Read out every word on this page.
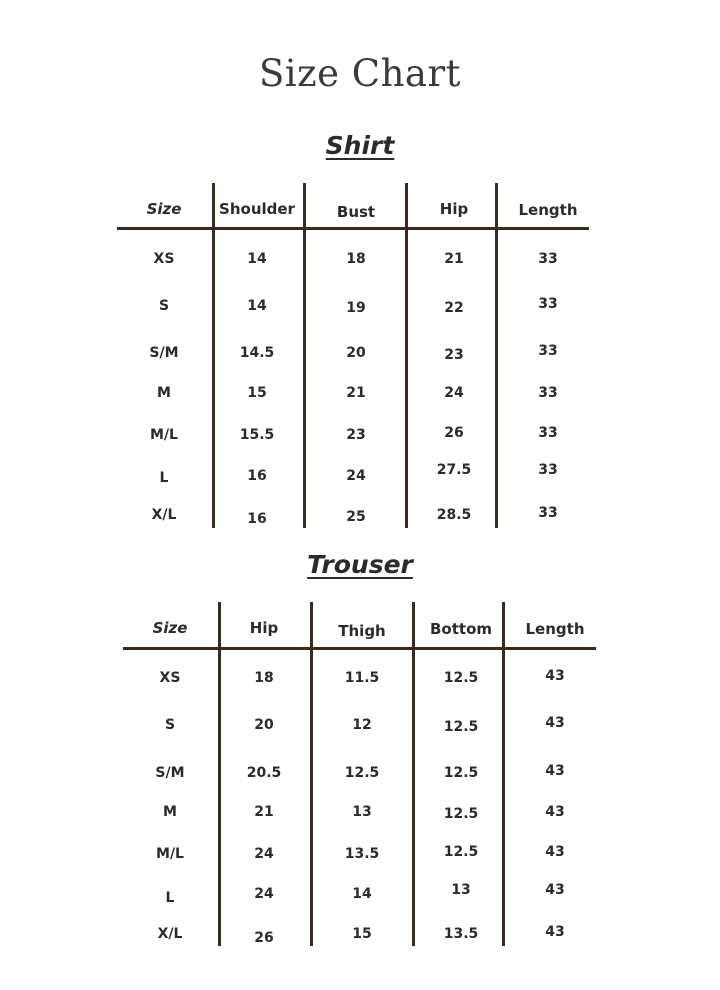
Size Chart
Shirt
Size	Shoulder	Bust	Hip	Length
XS	14	18	21	33
S	14	19	22	33
S/M	14.5	20	23	33
M	15	21	24	33
M/L	15.5	23	26	33
L	16	24	27.5	33
X/L	16	25	28.5	33
Trouser
Size	Hip	Thigh	Bottom	Length
XS	18	11.5	12.5	43
S	20	12	12.5	43
S/M	20.5	12.5	12.5	43
M	21	13	12.5	43
M/L	24	13.5	12.5	43
L	24	14	13	43
X/L	26	15	13.5	43
